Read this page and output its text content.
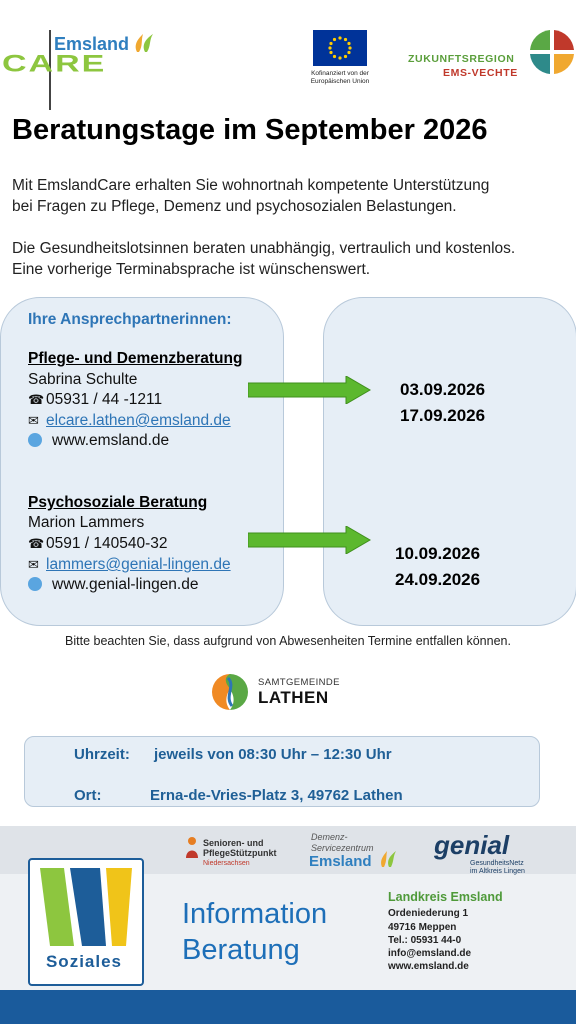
Emsland
CARE	Kofinanziert von der
Europäischen Union
ZUKUNFTSREGION
EMS-VECHTE
Beratungstage im September 2026
Mit EmslandCare erhalten Sie wohnortnah kompetente Unterstützung
bei Fragen zu Pflege, Demenz und psychosozialen Belastungen.
Die Gesundheitslotsinnen beraten unabhängig, vertraulich und kostenlos.
Eine vorherige Terminabsprache ist wünschenswert.
Ihre Ansprechpartnerinnen:
Pflege- und Demenzberatung
Sabrina Schulte
☎ 05931 / 44 -1211
✉ elcare.lathen@emsland.de
www.emsland.de
Psychosoziale Beratung
Marion Lammers
☎ 0591 / 140540-32
✉ lammers@genial-lingen.de
www.genial-lingen.de
03.09.2026
17.09.2026
10.09.2026
24.09.2026
Bitte beachten Sie, dass aufgrund von Abwesenheiten Termine entfallen können.
SAMTGEMEINDE
LATHEN
Uhrzeit: jeweils von 08:30 Uhr – 12:30 Uhr
Ort:	Erna-de-Vries-Platz 3, 49762 Lathen
Senioren- und
PflegeStützpunkt
Niedersachsen
Demenz-
Servicezentrum
Emsland
genial
GesundheitsNetz
im Altkreis Lingen
Soziales
Information
Beratung
Landkreis Emsland
Ordeniederung 1
49716 Meppen
Tel.: 05931 44-0
info@emsland.de
www.emsland.de
